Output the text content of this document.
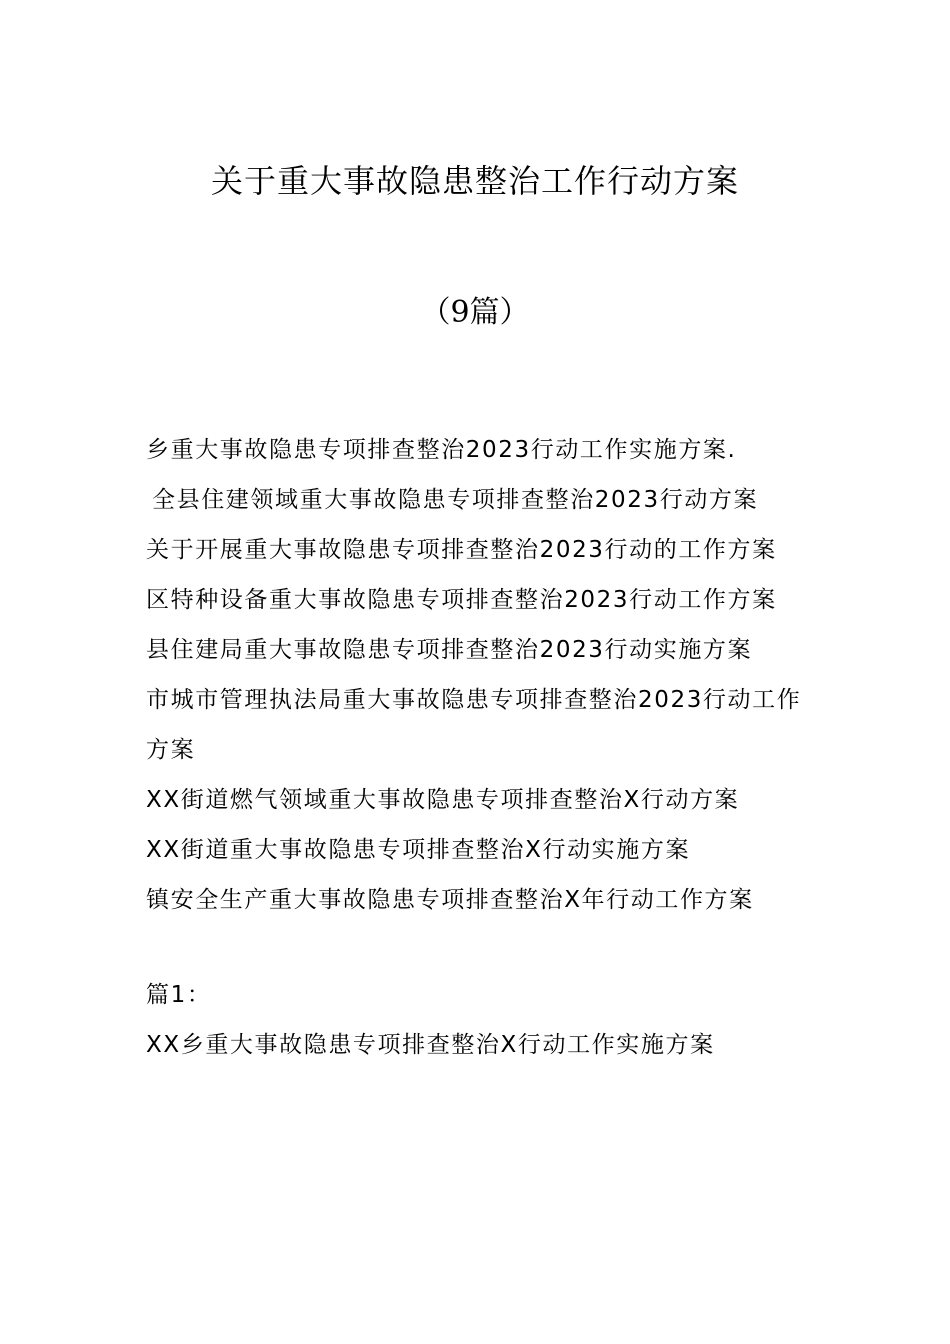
关于重大事故隐患整治工作行动方案
（9篇）
乡重大事故隐患专项排查整治2023行动工作实施方案.
全县住建领域重大事故隐患专项排查整治2023行动方案
关于开展重大事故隐患专项排查整治2023行动的工作方案
区特种设备重大事故隐患专项排查整治2023行动工作方案
县住建局重大事故隐患专项排查整治2023行动实施方案
市城市管理执法局重大事故隐患专项排查整治2023行动工作方案
XX街道燃气领域重大事故隐患专项排查整治X行动方案
XX街道重大事故隐患专项排查整治X行动实施方案
镇安全生产重大事故隐患专项排查整治X年行动工作方案
篇1：
XX乡重大事故隐患专项排查整治X行动工作实施方案
